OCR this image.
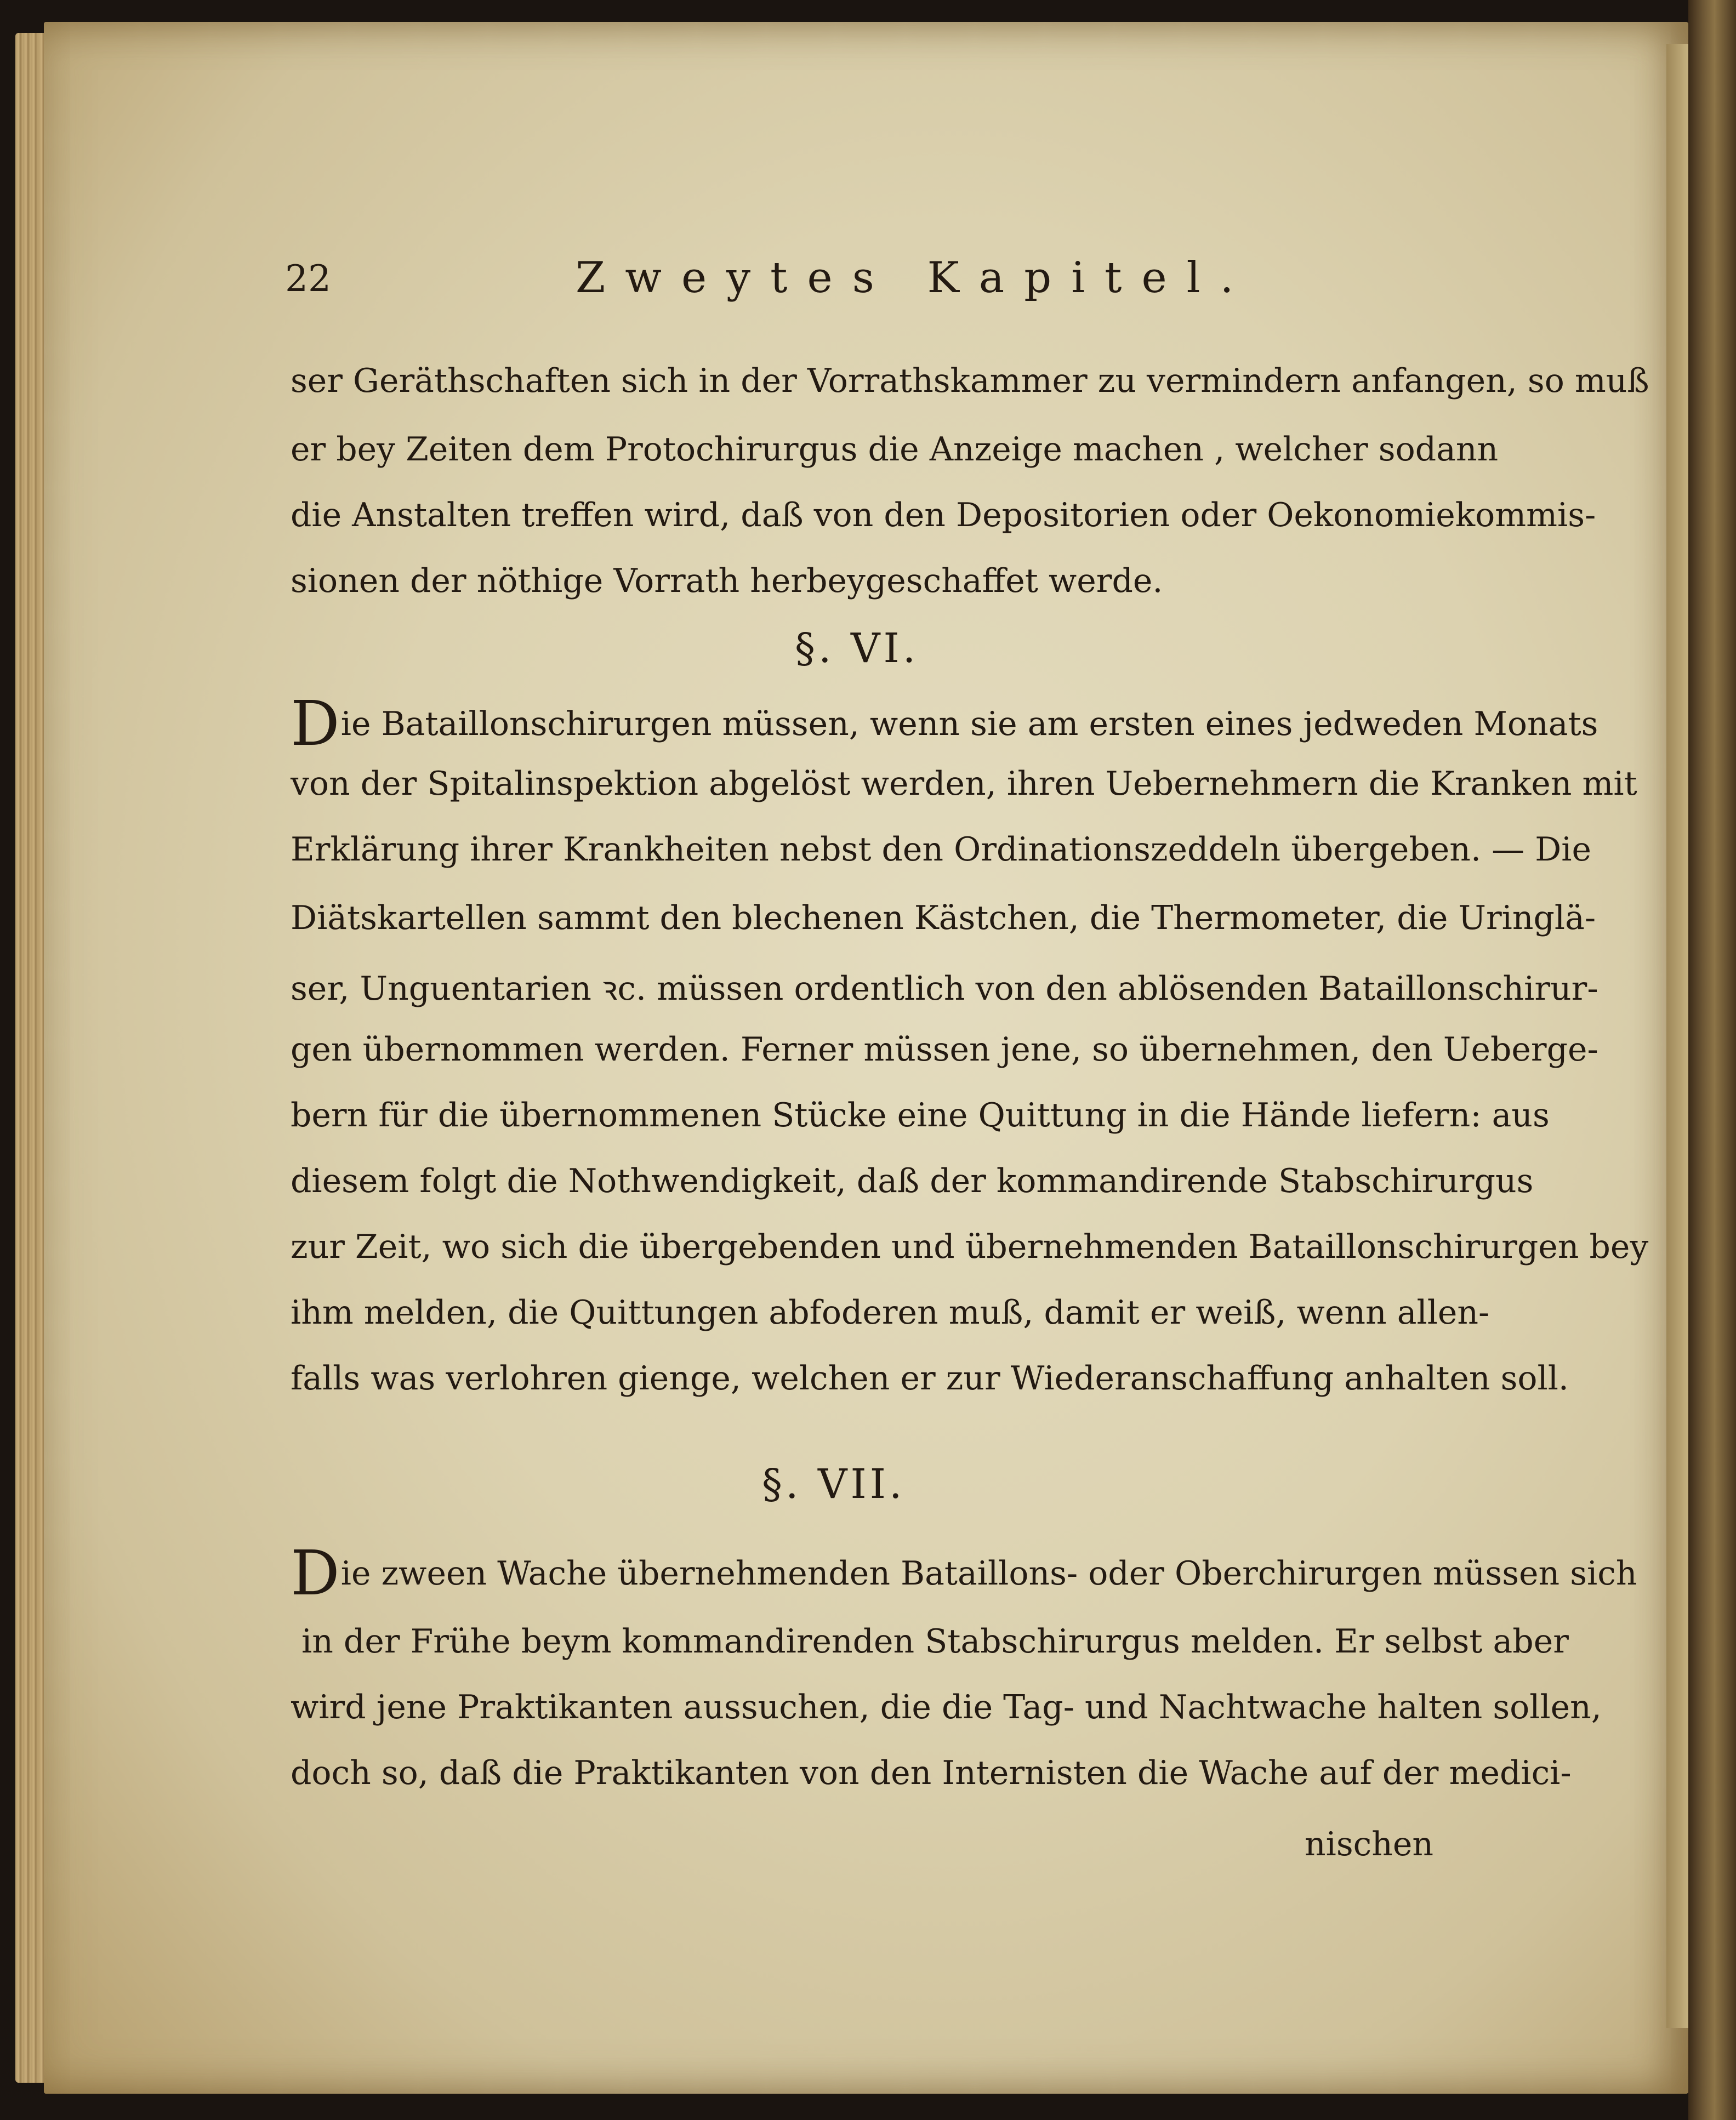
22	Zweytes Kapitel.
ser Geräthschaften sich in der Vorrathskammer zu vermindern anfangen, so muß
er bey Zeiten dem Protochirurgus die Anzeige machen , welcher sodann
die Anstalten treffen wird, daß von den Depositorien oder Oekonomiekommis-
sionen der nöthige Vorrath herbeygeschaffet werde.
§. VI.
Die Bataillonschirurgen müssen, wenn sie am ersten eines jedweden Monats
von der Spitalinspektion abgelöst werden, ihren Uebernehmern die Kranken mit
Erklärung ihrer Krankheiten nebst den Ordinationszeddeln übergeben. — Die
Diätskartellen sammt den blechenen Kästchen, die Thermometer, die Uringlä-
ser, Unguentarien ꝛc. müssen ordentlich von den ablösenden Bataillonschirur-
gen übernommen werden. Ferner müssen jene, so übernehmen, den Ueberge-
bern für die übernommenen Stücke eine Quittung in die Hände liefern: aus
diesem folgt die Nothwendigkeit, daß der kommandirende Stabschirurgus
zur Zeit, wo sich die übergebenden und übernehmenden Bataillonschirurgen bey
ihm melden, die Quittungen abfoderen muß, damit er weiß, wenn allen-
falls was verlohren gienge, welchen er zur Wiederanschaffung anhalten soll.
§. VII.
Die zween Wache übernehmenden Bataillons- oder Oberchirurgen müssen sich
in der Frühe beym kommandirenden Stabschirurgus melden. Er selbst aber
wird jene Praktikanten aussuchen, die die Tag- und Nachtwache halten sollen,
doch so, daß die Praktikanten von den Internisten die Wache auf der medici-
nischen
